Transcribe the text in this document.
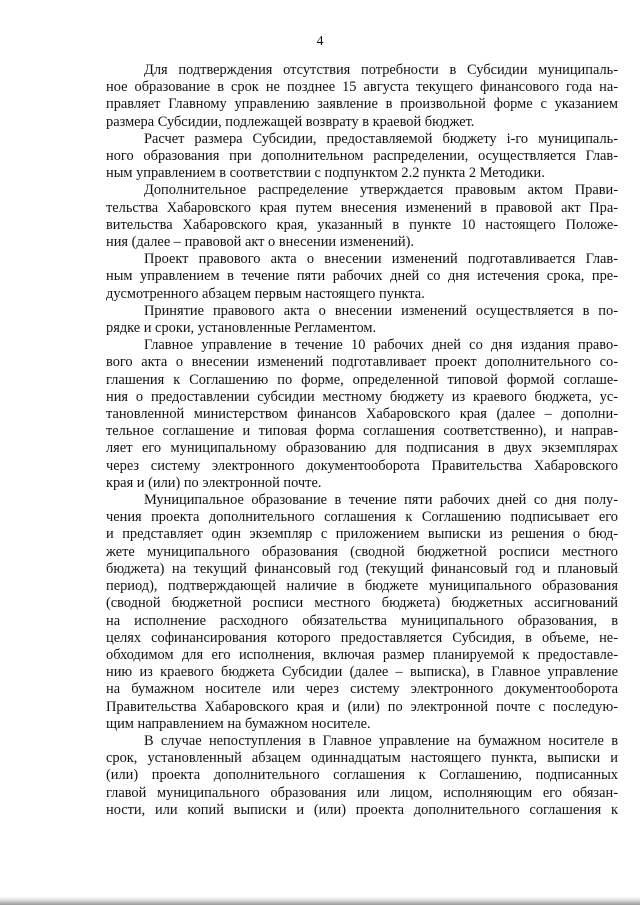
4

Для подтверждения отсутствия потребности в Субсидии муниципаль-
ное образование в срок не позднее 15 августа текущего финансового года на-
правляет Главному управлению заявление в произвольной форме с указанием
размера Субсидии, подлежащей возврату в краевой бюджет.

Расчет размера Субсидии, предоставляемой бюджету i-го муниципаль-
ного образования при дополнительном распределении, осуществляется Глав-
ным управлением в соответствии с подпунктом 2.2 пункта 2 Методики.

Дополнительное распределение утверждается правовым актом Прави-
тельства Хабаровского края путем внесения изменений в правовой акт Пра-
вительства Хабаровского края, указанный в пункте 10 настоящего Положе-
ния (далее – правовой акт о внесении изменений).

Проект правового акта о внесении изменений подготавливается Глав-
ным управлением в течение пяти рабочих дней со дня истечения срока, пре-
дусмотренного абзацем первым настоящего пункта.

Принятие правового акта о внесении изменений осуществляется в по-
рядке и сроки, установленные Регламентом.

Главное управление в течение 10 рабочих дней со дня издания право-
вого акта о внесении изменений подготавливает проект дополнительного со-
глашения к Соглашению по форме, определенной типовой формой соглаше-
ния о предоставлении субсидии местному бюджету из краевого бюджета, ус-
тановленной министерством финансов Хабаровского края (далее – дополни-
тельное соглашение и типовая форма соглашения соответственно), и направ-
ляет его муниципальному образованию для подписания в двух экземплярах
через систему электронного документооборота Правительства Хабаровского
края и (или) по электронной почте.

Муниципальное образование в течение пяти рабочих дней со дня полу-
чения проекта дополнительного соглашения к Соглашению подписывает его
и представляет один экземпляр с приложением выписки из решения о бюд-
жете муниципального образования (сводной бюджетной росписи местного
бюджета) на текущий финансовый год (текущий финансовый год и плановый
период), подтверждающей наличие в бюджете муниципального образования
(сводной бюджетной росписи местного бюджета) бюджетных ассигнований
на исполнение расходного обязательства муниципального образования, в
целях софинансирования которого предоставляется Субсидия, в объеме, не-
обходимом для его исполнения, включая размер планируемой к предоставле-
нию из краевого бюджета Субсидии (далее – выписка), в Главное управление
на бумажном носителе или через систему электронного документооборота
Правительства Хабаровского края и (или) по электронной почте с последую-
щим направлением на бумажном носителе.

В случае непоступления в Главное управление на бумажном носителе в
срок, установленный абзацем одиннадцатым настоящего пункта, выписки и
(или) проекта дополнительного соглашения к Соглашению, подписанных
главой муниципального образования или лицом, исполняющим его обязан-
ности, или копий выписки и (или) проекта дополнительного соглашения к
